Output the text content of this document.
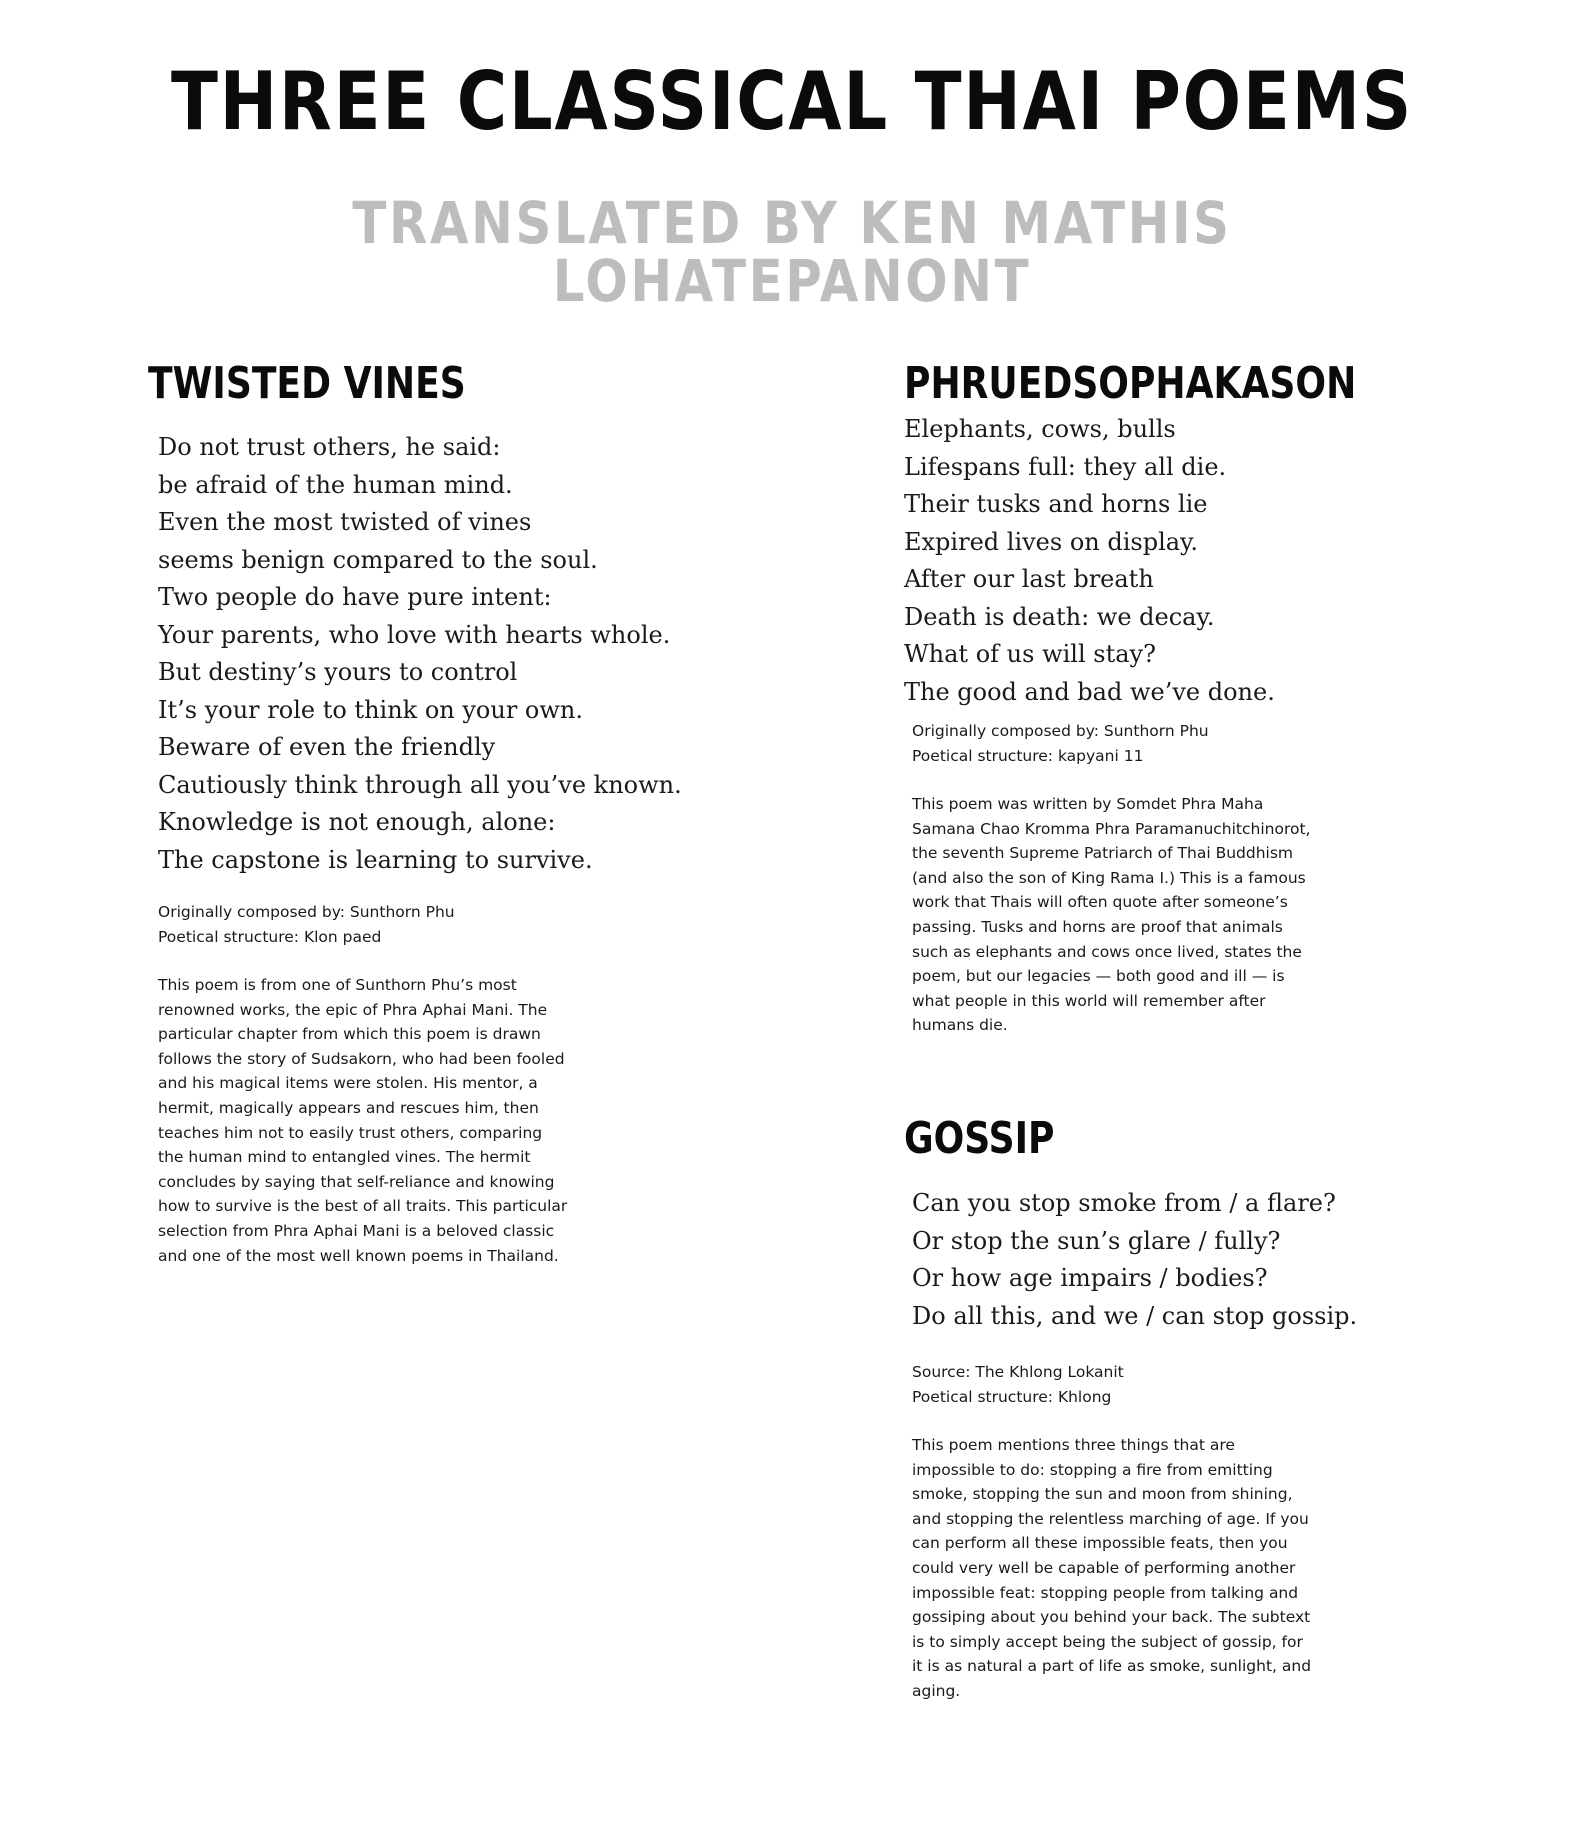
THREE CLASSICAL THAI POEMS
TRANSLATED BY KEN MATHIS LOHATEPANONT
TWISTED VINES
Do not trust others, he said:
be afraid of the human mind.
Even the most twisted of vines
seems benign compared to the soul.
Two people do have pure intent:
Your parents, who love with hearts whole.
But destiny’s yours to control
It’s your role to think on your own.
Beware of even the friendly
Cautiously think through all you’ve known.
Knowledge is not enough, alone:
The capstone is learning to survive.
Originally composed by: Sunthorn Phu
Poetical structure: Klon paed

This poem is from one of Sunthorn Phu’s most renowned works, the epic of Phra Aphai Mani. The particular chapter from which this poem is drawn follows the story of Sudsakorn, who had been fooled and his magical items were stolen. His mentor, a hermit, magically appears and rescues him, then teaches him not to easily trust others, comparing the human mind to entangled vines. The hermit concludes by saying that self-reliance and knowing how to survive is the best of all traits. This particular selection from Phra Aphai Mani is a beloved classic and one of the most well known poems in Thailand.

PHRUEDSOPHAKASON
Elephants, cows, bulls
Lifespans full: they all die.
Their tusks and horns lie
Expired lives on display.
After our last breath
Death is death: we decay.
What of us will stay?
The good and bad we’ve done.
Originally composed by: Sunthorn Phu
Poetical structure: kapyani 11

This poem was written by Somdet Phra Maha Samana Chao Kromma Phra Paramanuchitchinorot, the seventh Supreme Patriarch of Thai Buddhism (and also the son of King Rama I.) This is a famous work that Thais will often quote after someone’s passing. Tusks and horns are proof that animals such as elephants and cows once lived, states the poem, but our legacies — both good and ill — is what people in this world will remember after humans die.

GOSSIP
Can you stop smoke from / a flare?
Or stop the sun’s glare / fully?
Or how age impairs / bodies?
Do all this, and we / can stop gossip.
Source: The Khlong Lokanit
Poetical structure: Khlong

This poem mentions three things that are impossible to do: stopping a fire from emitting smoke, stopping the sun and moon from shining, and stopping the relentless marching of age. If you can perform all these impossible feats, then you could very well be capable of performing another impossible feat: stopping people from talking and gossiping about you behind your back. The subtext is to simply accept being the subject of gossip, for it is as natural a part of life as smoke, sunlight, and aging.
